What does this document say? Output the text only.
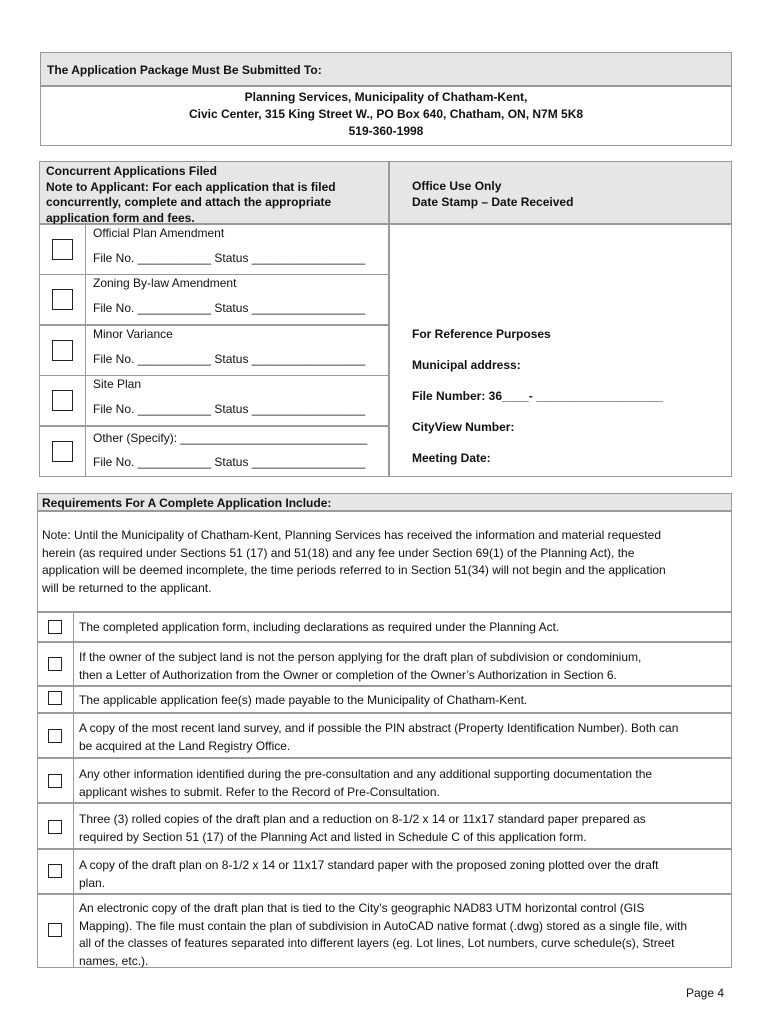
The Application Package Must Be Submitted To:
Planning Services, Municipality of Chatham-Kent,
Civic Center, 315 King Street W., PO Box 640, Chatham, ON, N7M 5K8
519-360-1998
Concurrent Applications Filed
Note to Applicant: For each application that is filed
concurrently, complete and attach the appropriate
application form and fees.
Office Use Only
Date Stamp – Date Received
For Reference Purposes
Municipal address:
File Number: 36____- ___________________
CityView Number:
Meeting Date:
Official Plan Amendment
File No. ___________ Status _________________
Zoning By-law Amendment
File No. ___________ Status _________________
Minor Variance
File No. ___________ Status _________________
Site Plan
File No. ___________ Status _________________
Other (Specify): ____________________________
File No. ___________ Status _________________
Requirements For A Complete Application Include:
Note: Until the Municipality of Chatham-Kent, Planning Services has received the information and material requested
herein (as required under Sections 51 (17) and 51(18) and any fee under Section 69(1) of the Planning Act), the
application will be deemed incomplete, the time periods referred to in Section 51(34) will not begin and the application
will be returned to the applicant.
The completed application form, including declarations as required under the Planning Act.
If the owner of the subject land is not the person applying for the draft plan of subdivision or condominium,
then a Letter of Authorization from the Owner or completion of the Owner’s Authorization in Section 6.
The applicable application fee(s) made payable to the Municipality of Chatham-Kent.
A copy of the most recent land survey, and if possible the PIN abstract (Property Identification Number). Both can
be acquired at the Land Registry Office.
Any other information identified during the pre-consultation and any additional supporting documentation the
applicant wishes to submit. Refer to the Record of Pre-Consultation.
Three (3) rolled copies of the draft plan and a reduction on 8-1/2 x 14 or 11x17 standard paper prepared as
required by Section 51 (17) of the Planning Act and listed in Schedule C of this application form.
A copy of the draft plan on 8-1/2 x 14 or 11x17 standard paper with the proposed zoning plotted over the draft
plan.
An electronic copy of the draft plan that is tied to the City’s geographic NAD83 UTM horizontal control (GIS
Mapping). The file must contain the plan of subdivision in AutoCAD native format (.dwg) stored as a single file, with
all of the classes of features separated into different layers (eg. Lot lines, Lot numbers, curve schedule(s), Street
names, etc.).
Page 4
